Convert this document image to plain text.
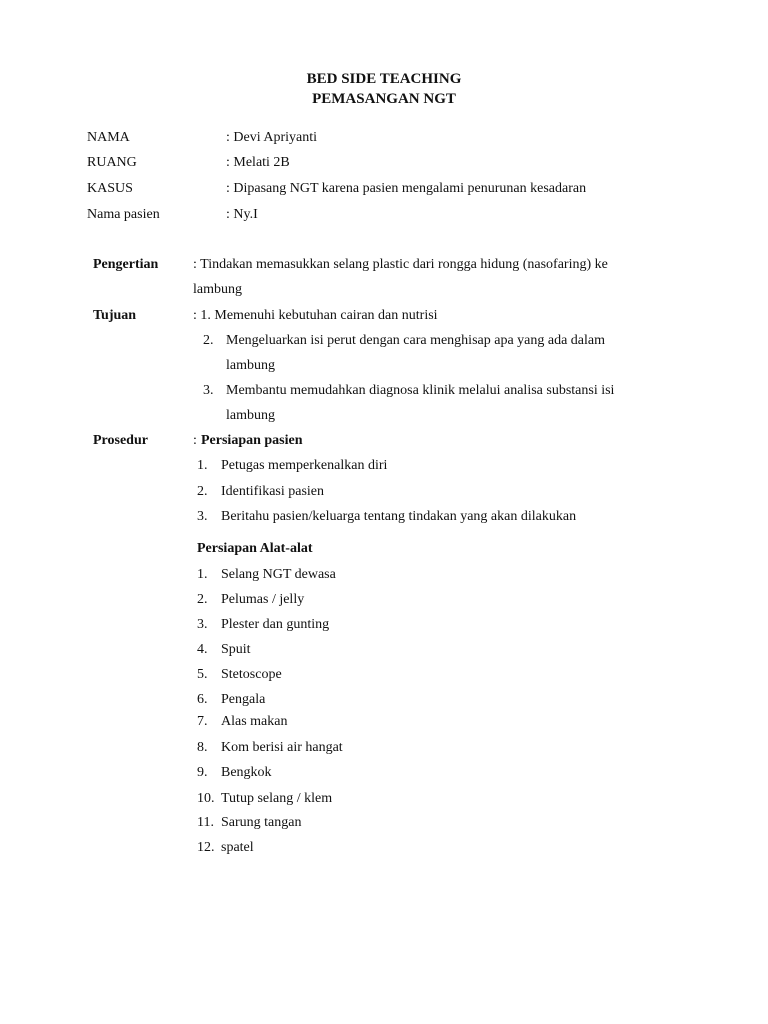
BED SIDE TEACHING
PEMASANGAN NGT
NAMA	: Devi Apriyanti
RUANG	: Melati 2B
KASUS	: Dipasang NGT karena pasien mengalami penurunan kesadaran
Nama pasien	: Ny.I
Pengertian : Tindakan memasukkan selang plastic dari rongga hidung (nasofaring) ke
lambung
Tujuan	: 1. Memenuhi kebutuhan cairan dan nutrisi
2. Mengeluarkan isi perut dengan cara menghisap apa yang ada dalam
lambung
3. Membantu memudahkan diagnosa klinik melalui analisa substansi isi
lambung
Prosedur	: Persiapan pasien
1. Petugas memperkenalkan diri
2. Identifikasi pasien
3. Beritahu pasien/keluarga tentang tindakan yang akan dilakukan
Persiapan Alat-alat
1. Selang NGT dewasa
2. Pelumas / jelly
3. Plester dan gunting
4. Spuit
5. Stetoscope
6. Pengala
7. Alas makan
8. Kom berisi air hangat
9. Bengkok
10. Tutup selang / klem
11. Sarung tangan
12. spatel
